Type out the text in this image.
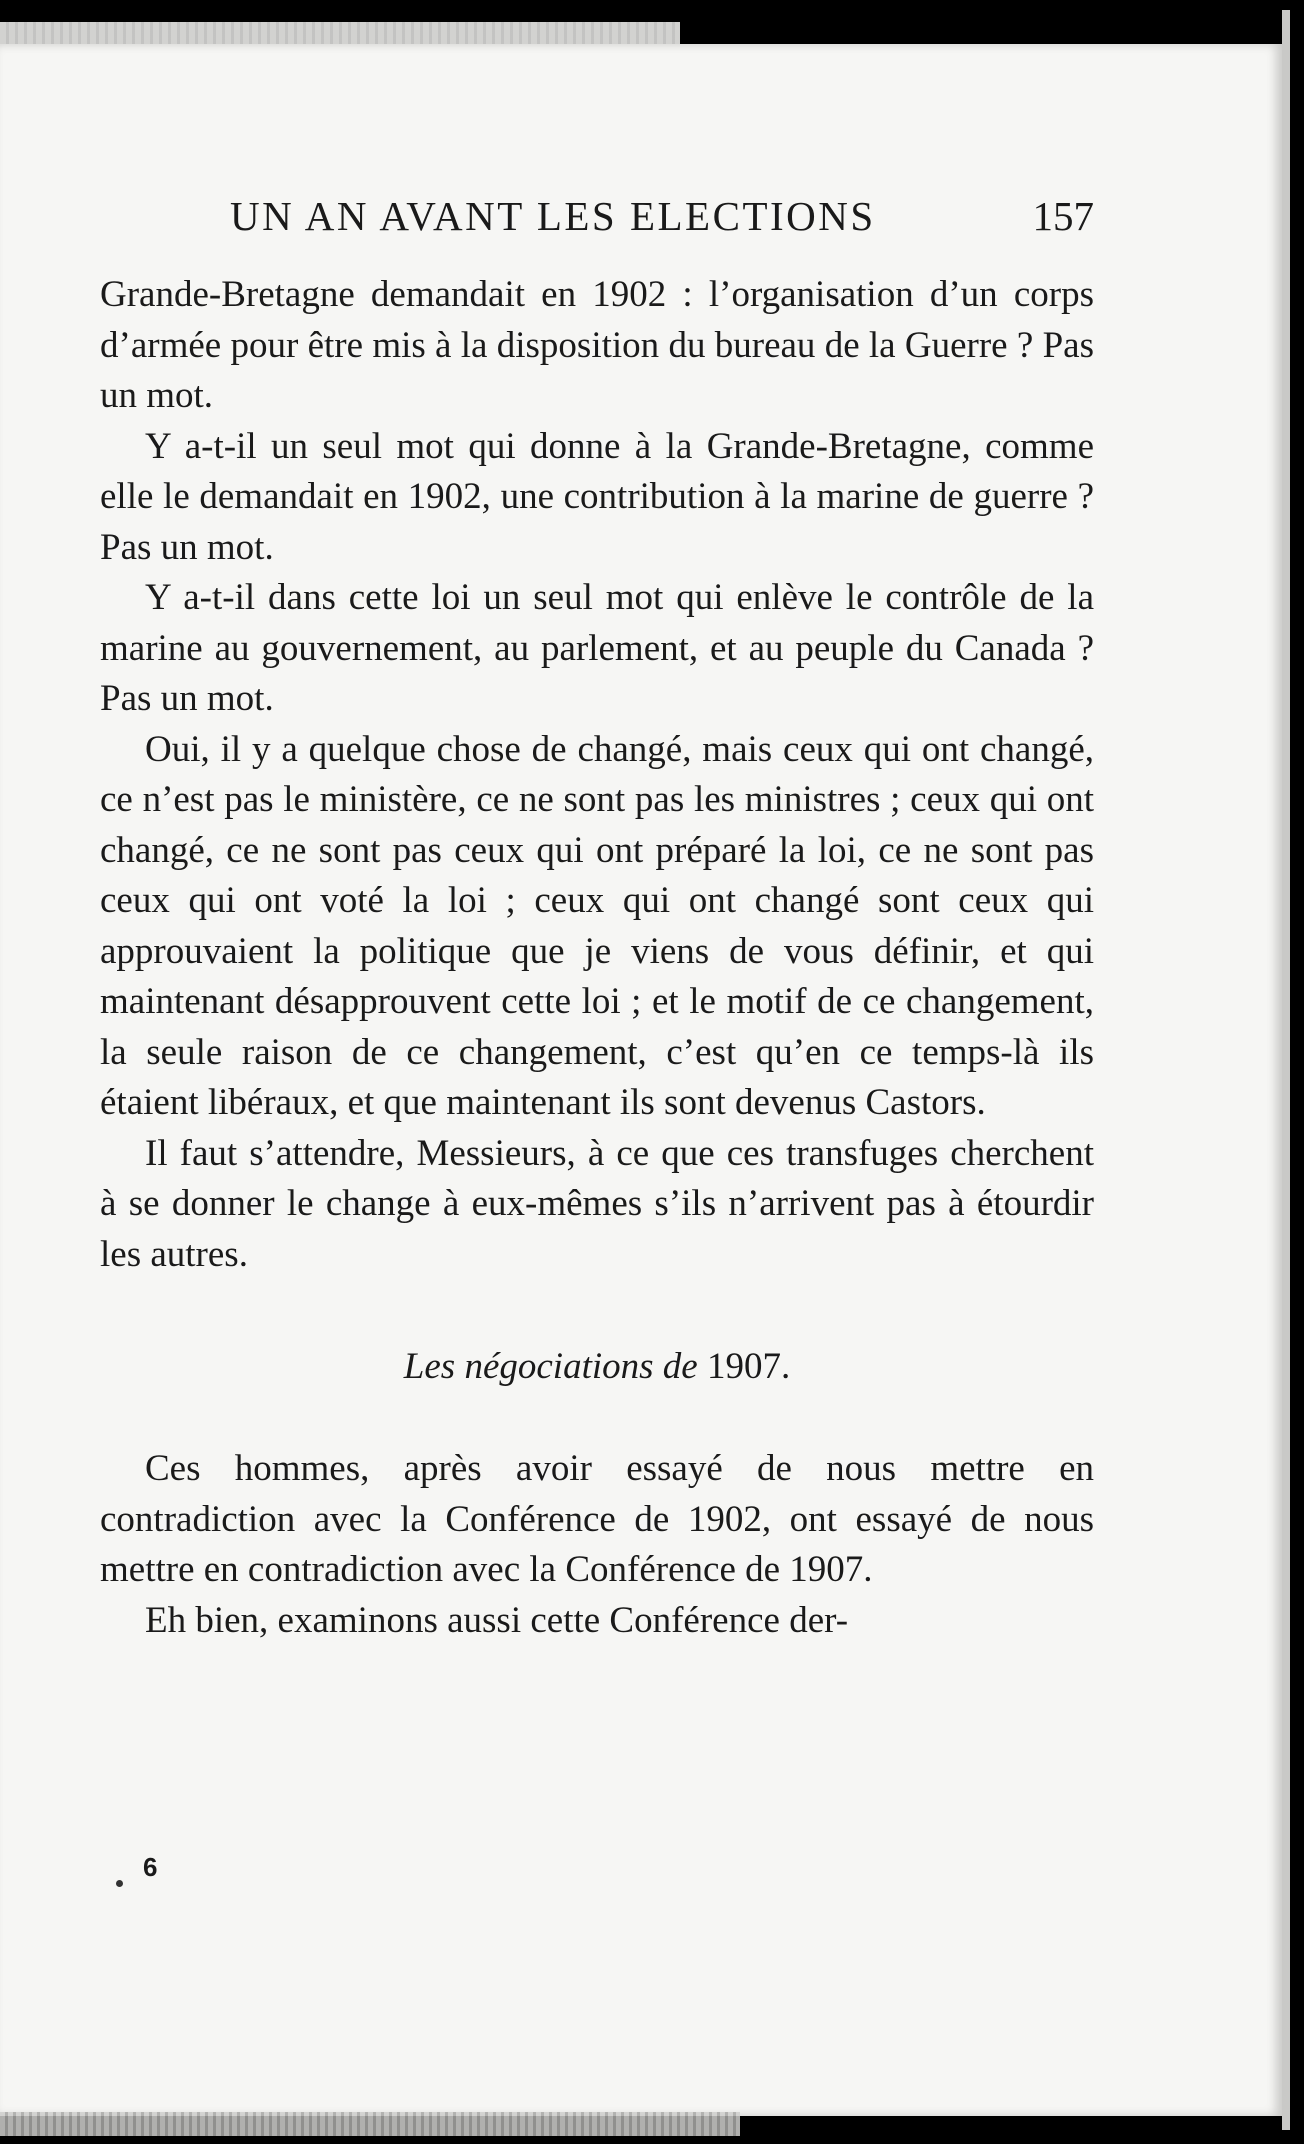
UN AN AVANT LES ELECTIONS	157

Grande-Bretagne demandait en 1902 : l’organisation d’un corps d’armée pour être mis à la disposition du bureau de la Guerre ? Pas un mot.

Y a-t-il un seul mot qui donne à la Grande-Bretagne, comme elle le demandait en 1902, une contribution à la marine de guerre ? Pas un mot.

Y a-t-il dans cette loi un seul mot qui enlève le contrôle de la marine au gouvernement, au parlement, et au peuple du Canada ? Pas un mot.

Oui, il y a quelque chose de changé, mais ceux qui ont changé, ce n’est pas le ministère, ce ne sont pas les ministres ; ceux qui ont changé, ce ne sont pas ceux qui ont préparé la loi, ce ne sont pas ceux qui ont voté la loi ; ceux qui ont changé sont ceux qui approuvaient la politique que je viens de vous définir, et qui maintenant désapprouvent cette loi ; et le motif de ce changement, la seule raison de ce changement, c’est qu’en ce temps-là ils étaient libéraux, et que maintenant ils sont devenus Castors.

Il faut s’attendre, Messieurs, à ce que ces transfuges cherchent à se donner le change à eux-mêmes s’ils n’arrivent pas à étourdir les autres.

Les négociations de 1907.

Ces hommes, après avoir essayé de nous mettre en contradiction avec la Conférence de 1902, ont essayé de nous mettre en contradiction avec la Conférence de 1907.

Eh bien, examinons aussi cette Conférence der-

6
